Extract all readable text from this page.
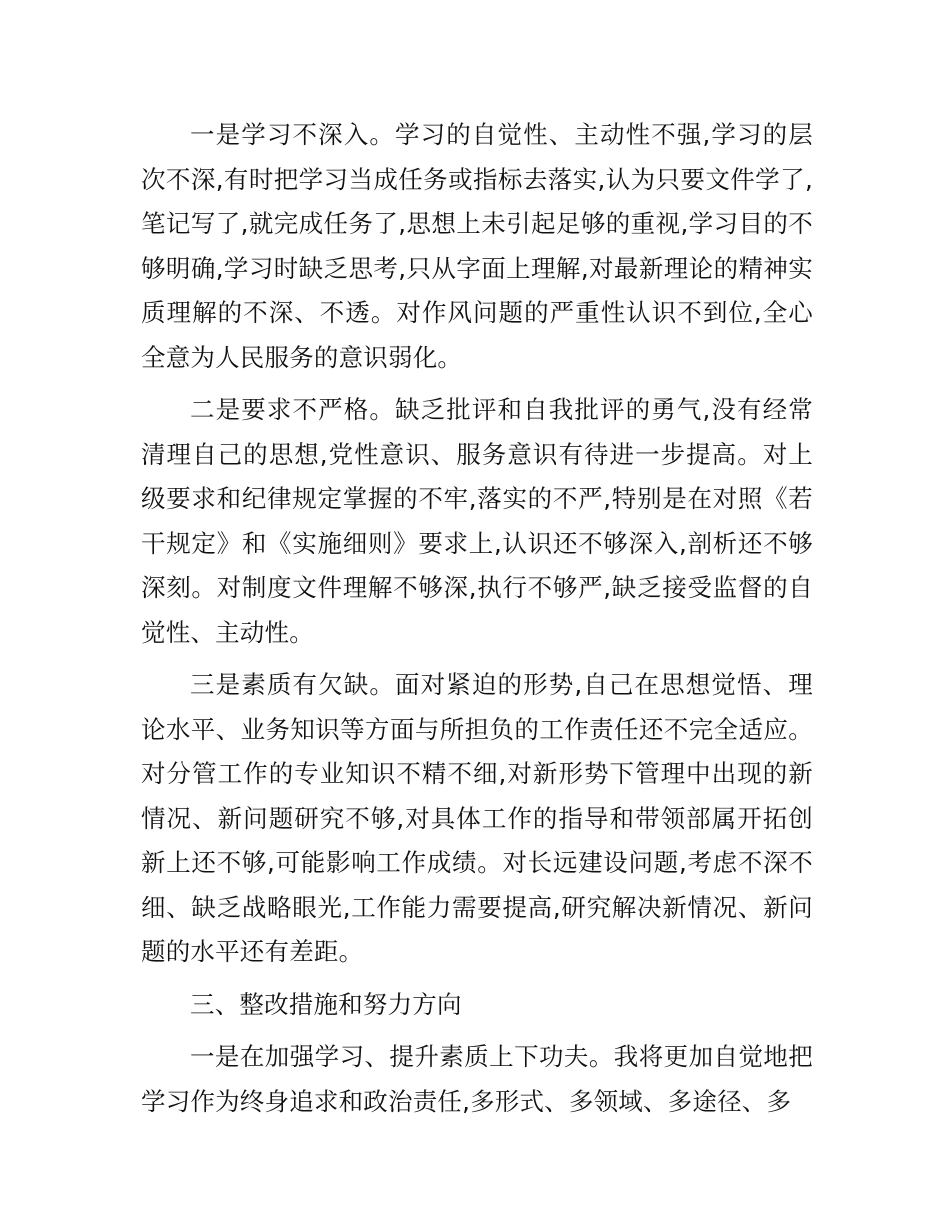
一是学习不深入。学习的自觉性、主动性不强,学习的层次不深,有时把学习当成任务或指标去落实,认为只要文件学了,笔记写了,就完成任务了,思想上未引起足够的重视,学习目的不够明确,学习时缺乏思考,只从字面上理解,对最新理论的精神实质理解的不深、不透。对作风问题的严重性认识不到位,全心全意为人民服务的意识弱化。

二是要求不严格。缺乏批评和自我批评的勇气,没有经常清理自己的思想,党性意识、服务意识有待进一步提高。对上级要求和纪律规定掌握的不牢,落实的不严,特别是在对照《若干规定》和《实施细则》要求上,认识还不够深入,剖析还不够深刻。对制度文件理解不够深,执行不够严,缺乏接受监督的自觉性、主动性。

三是素质有欠缺。面对紧迫的形势,自己在思想觉悟、理论水平、业务知识等方面与所担负的工作责任还不完全适应。对分管工作的专业知识不精不细,对新形势下管理中出现的新情况、新问题研究不够,对具体工作的指导和带领部属开拓创新上还不够,可能影响工作成绩。对长远建设问题,考虑不深不细、缺乏战略眼光,工作能力需要提高,研究解决新情况、新问题的水平还有差距。

三、整改措施和努力方向

一是在加强学习、提升素质上下功夫。我将更加自觉地把学习作为终身追求和政治责任,多形式、多领域、多途径、多
